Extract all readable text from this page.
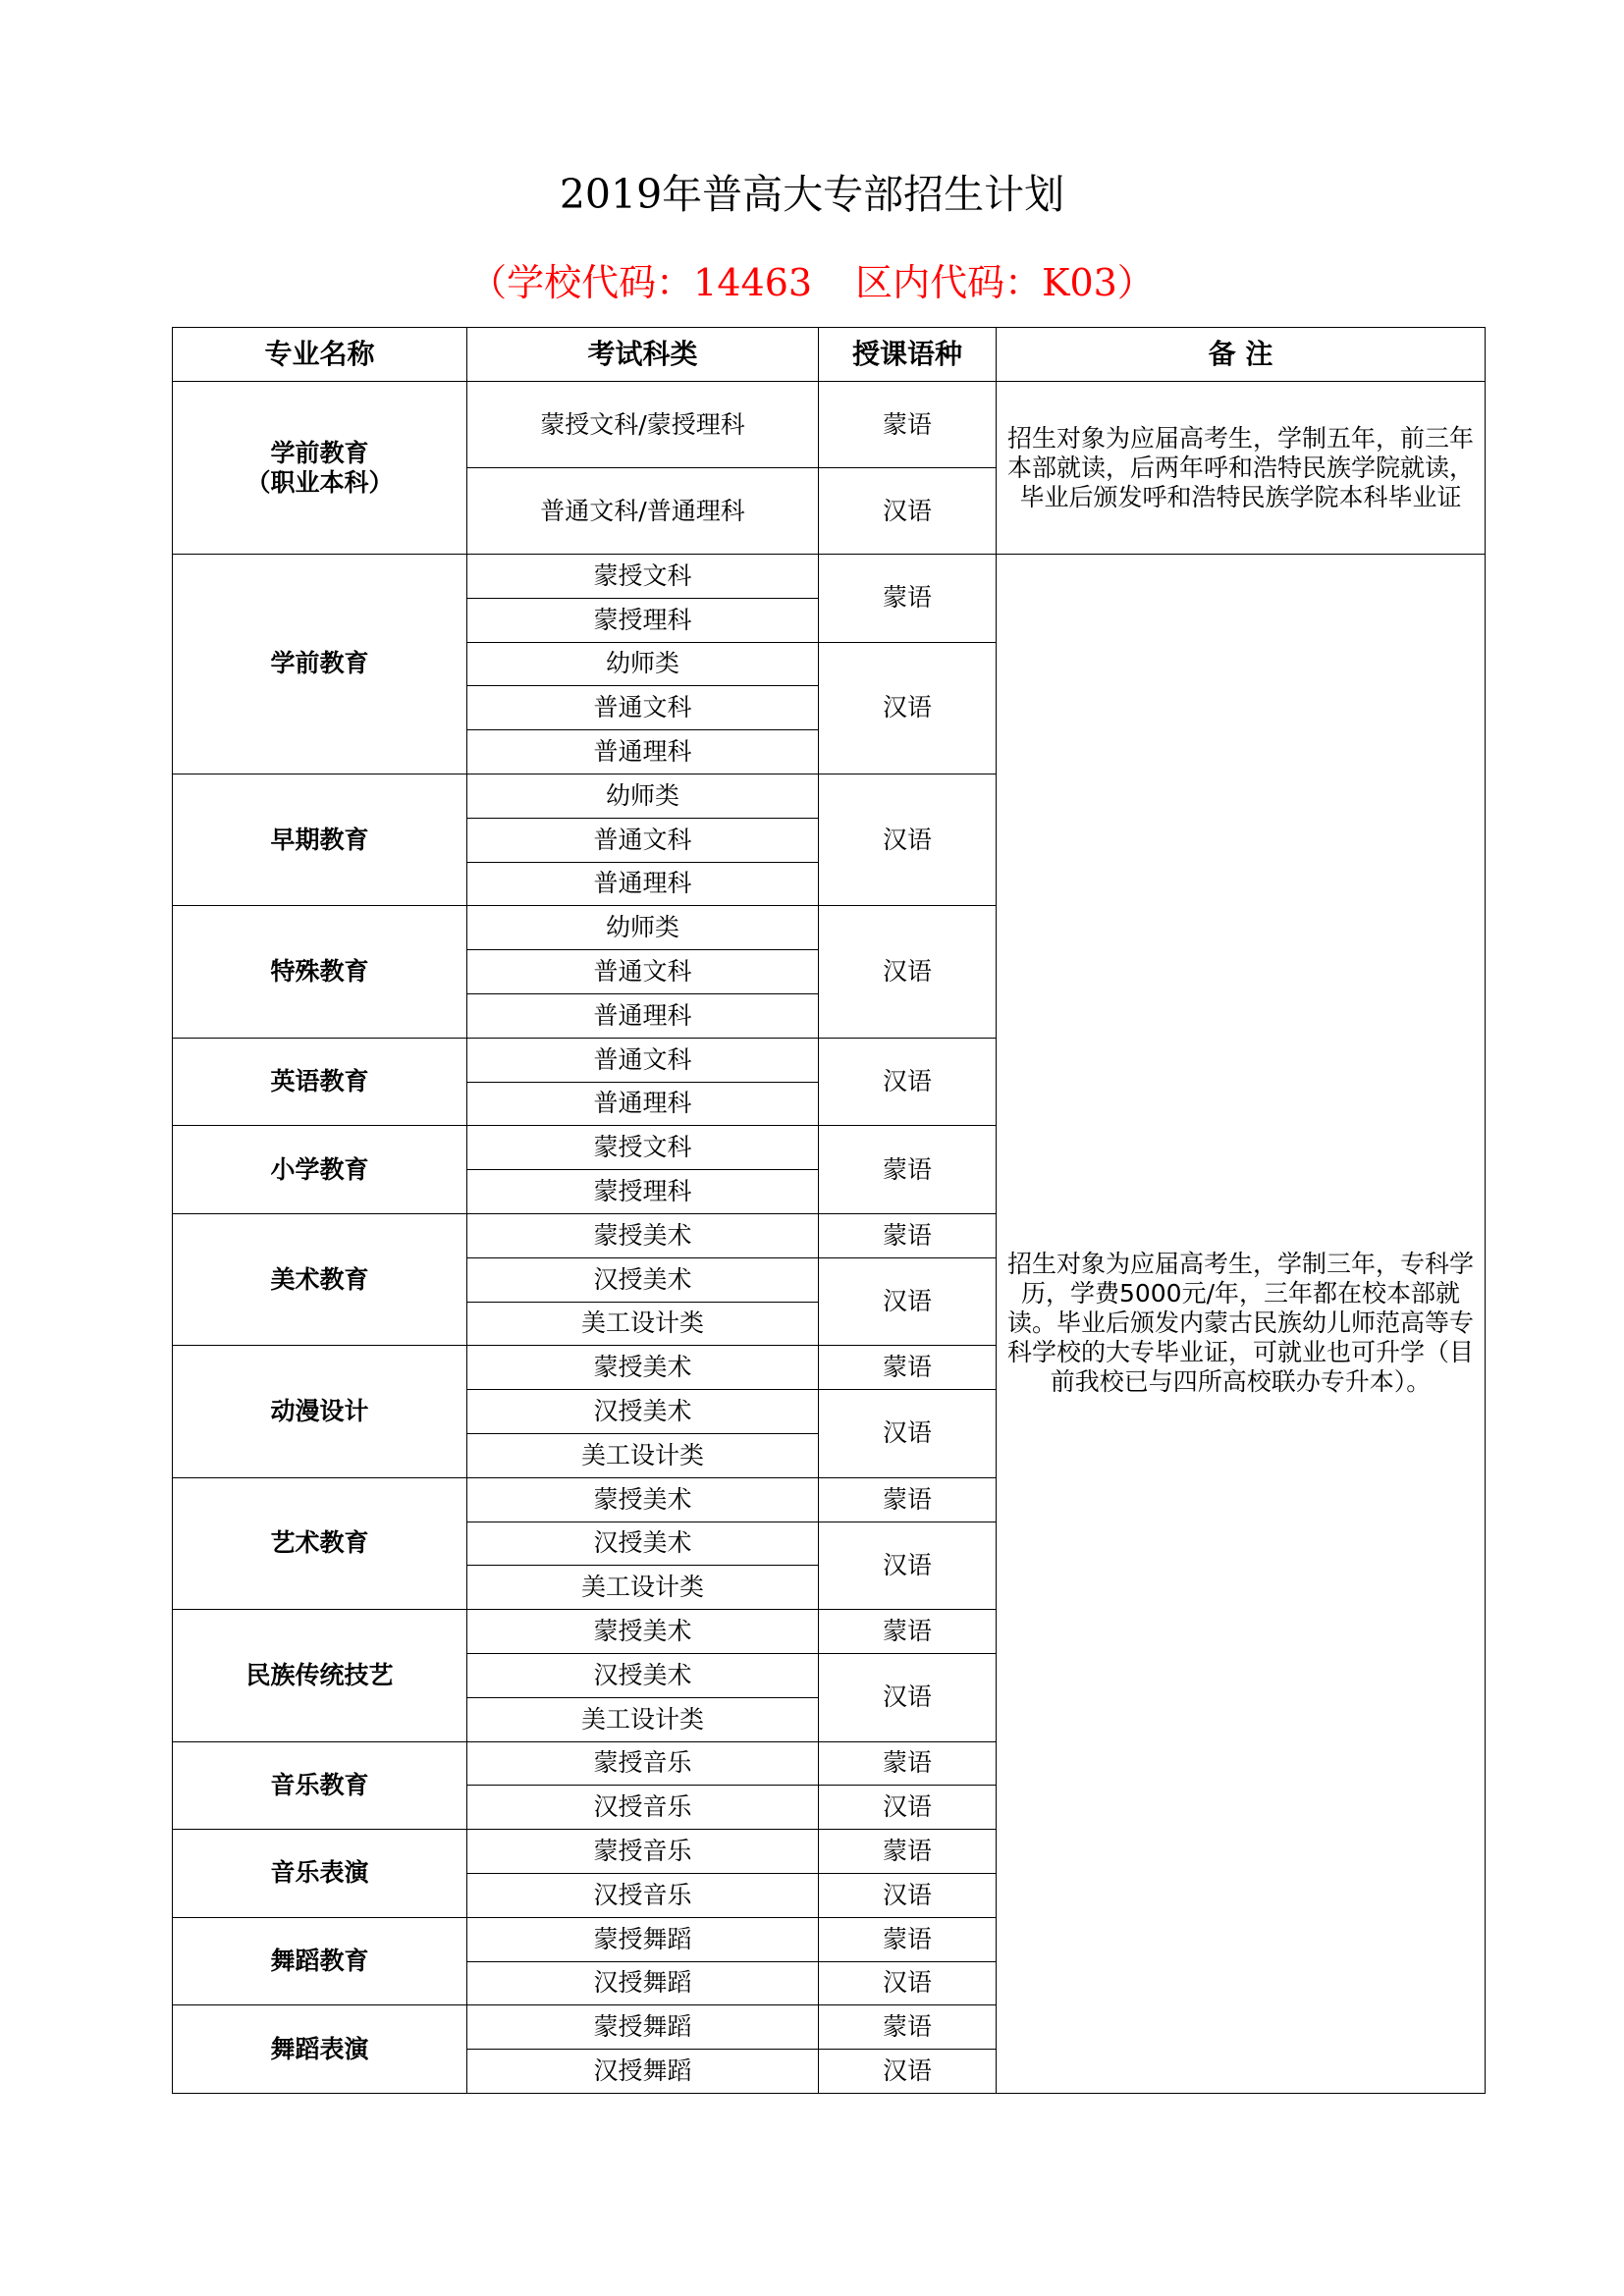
2019年普高大专部招生计划
（学校代码：14463 区内代码：K03）
专业名称	考试科类	授课语种	备 注

学前教育
（职业本科）	蒙授文科/蒙授理科	蒙语	招生对象为应届高考生，学制五年，前三年本部就读，后两年呼和浩特民族学院就读，毕业后颁发呼和浩特民族学院本科毕业证
	普通文科/普通理科	汉语	
学前教育	蒙授文科	蒙语	招生对象为应届高考生，学制三年，专科学历，学费5000元/年，三年都在校本部就读。毕业后颁发内蒙古民族幼儿师范高等专科学校的大专毕业证，可就业也可升学（目前我校已与四所高校联办专升本）。
	蒙授理科		
	幼师类	汉语	
	普通文科		
	普通理科		
早期教育	幼师类	汉语	
	普通文科		
	普通理科		
特殊教育	幼师类	汉语	
	普通文科		
	普通理科		
英语教育	普通文科	汉语	
	普通理科		
小学教育	蒙授文科	蒙语	
	蒙授理科		
美术教育	蒙授美术	蒙语	
	汉授美术	汉语	
	美工设计类		
动漫设计	蒙授美术	蒙语	
	汉授美术	汉语	
	美工设计类		
艺术教育	蒙授美术	蒙语	
	汉授美术	汉语	
	美工设计类		
民族传统技艺	蒙授美术	蒙语	
	汉授美术	汉语	
	美工设计类		
音乐教育	蒙授音乐	蒙语	
	汉授音乐	汉语	
音乐表演	蒙授音乐	蒙语	
	汉授音乐	汉语	
舞蹈教育	蒙授舞蹈	蒙语	
	汉授舞蹈	汉语	
舞蹈表演	蒙授舞蹈	蒙语	
	汉授舞蹈	汉语	
